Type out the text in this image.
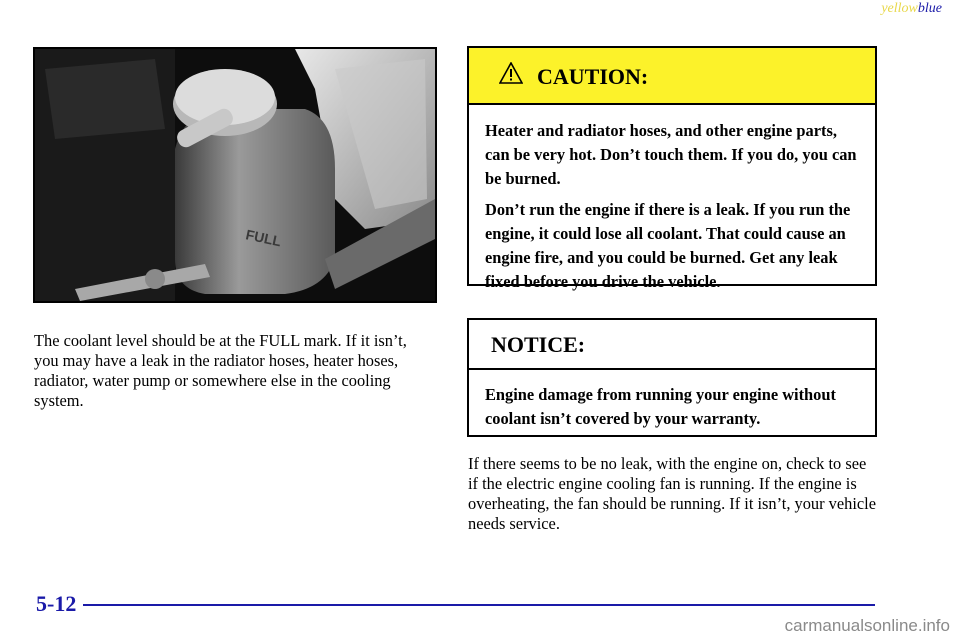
yellowblue
FULL

The coolant level should be at the FULL mark. If it isn’t, you may have a leak in the radiator hoses, heater hoses, radiator, water pump or somewhere else in the cooling system.

CAUTION:

Heater and radiator hoses, and other engine parts, can be very hot. Don’t touch them. If you do, you can be burned.

Don’t run the engine if there is a leak. If you run the engine, it could lose all coolant. That could cause an engine fire, and you could be burned. Get any leak fixed before you drive the vehicle.

NOTICE:

Engine damage from running your engine without coolant isn’t covered by your warranty.

If there seems to be no leak, with the engine on, check to see if the electric engine cooling fan is running. If the engine is overheating, the fan should be running. If it isn’t, your vehicle needs service.

5-12
carmanualsonline.info
